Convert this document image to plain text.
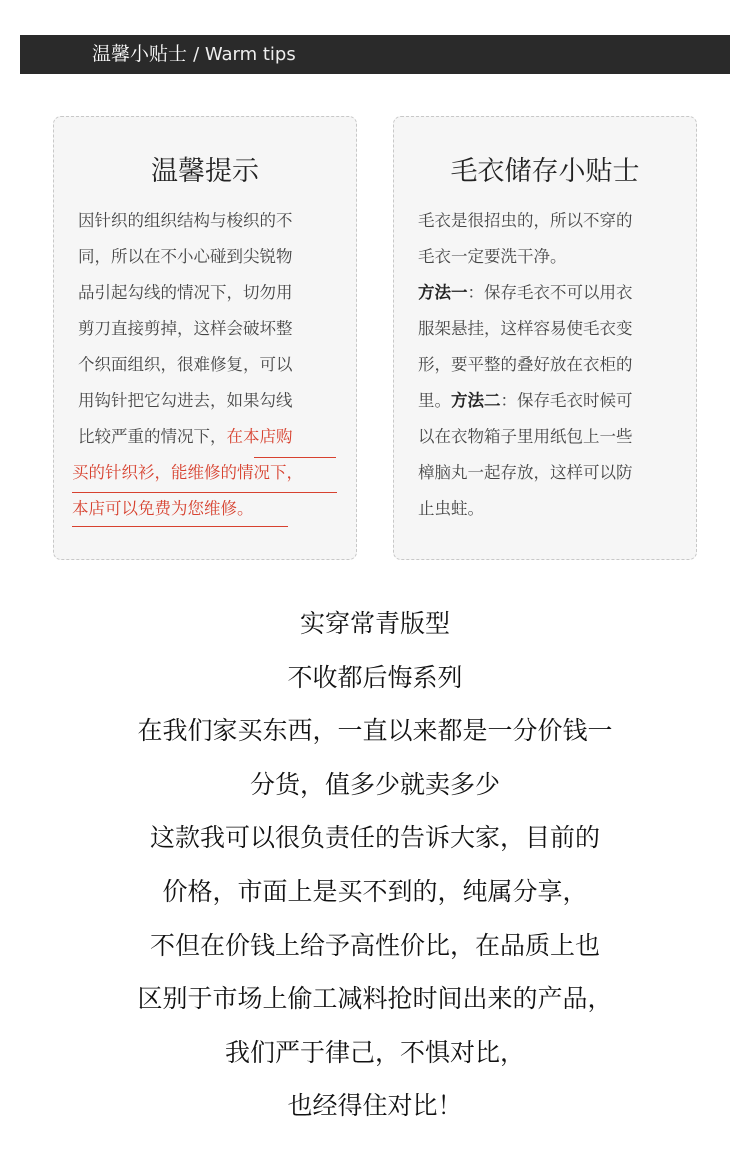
温馨小贴士 / Warm tips
温馨提示
因针织的组织结构与梭织的不
同，所以在不小心碰到尖锐物
品引起勾线的情况下，切勿用
剪刀直接剪掉，这样会破坏整
个织面组织，很难修复，可以
用钩针把它勾进去，如果勾线
比较严重的情况下，在本店购
买的针织衫，能维修的情况下，
本店可以免费为您维修。
毛衣储存小贴士
毛衣是很招虫的，所以不穿的
毛衣一定要洗干净。
方法一：保存毛衣不可以用衣
服架悬挂，这样容易使毛衣变
形，要平整的叠好放在衣柜的
里。方法二：保存毛衣时候可
以在衣物箱子里用纸包上一些
樟脑丸一起存放，这样可以防
止虫蛀。
实穿常青版型
不收都后悔系列
在我们家买东西，一直以来都是一分价钱一
分货，值多少就卖多少
这款我可以很负责任的告诉大家，目前的
价格，市面上是买不到的，纯属分享，
不但在价钱上给予高性价比，在品质上也
区别于市场上偷工减料抢时间出来的产品，
我们严于律己，不惧对比，
也经得住对比！
